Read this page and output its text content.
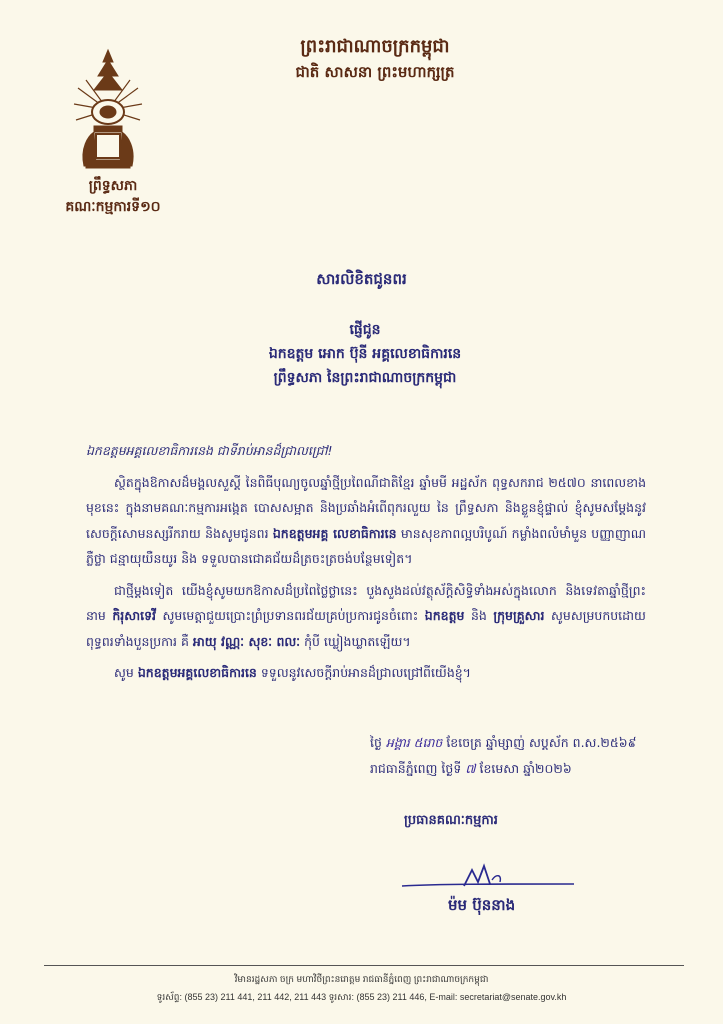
ព្រឹទ្ធសភា
គណៈកម្មការទី១០
ព្រះរាជាណាចក្រកម្ពុជា
ជាតិ សាសនា ព្រះមហាក្សត្រ
សារលិខិតជូនពរ
ផ្ញើជូន
ឯកឧត្តម អោក ប៊ុនី អគ្គលេខាធិការនេ
ព្រឹទ្ធសភា នៃព្រះរាជាណាចក្រកម្ពុជា

ឯកឧត្តមអគ្គលេខាធិការនេង ជាទីរាប់អានដ៏ជ្រាលជ្រៅ!

ស្ថិតក្នុងឱកាសដ៏មង្គលសួស្តី នៃពិធីបុណ្យចូលឆ្នាំថ្មីប្រពៃណីជាតិខ្មែរ ឆ្នាំមមី អដ្ឋស័ក ពុទ្ធសករាជ ២៥៧០ នាពេលខាងមុខនេះ ក្នុងនាមគណៈកម្មការអង្កេត បោសសម្អាត និងប្រឆាំងអំពើពុករលួយ នៃ ព្រឹទ្ធសភា និងខ្លួនខ្ញុំផ្ទាល់ ខ្ញុំសូមសម្តែងនូវសេចក្តីសោមនស្សរីករាយ និងសូមជូនពរ ឯកឧត្តមអគ្គ លេខាធិការនេ មានសុខភាពល្អបរិបូណ៍ កម្លាំងពលំមាំមួន បញ្ញាញាណភ្លឺថ្លា ជន្មាយុយឺនយូរ និង ទទួលបានជោគជ័យដ៏ត្រចះត្រចង់បន្ថែមទៀត។

ជាថ្មីម្តងទៀត យើងខ្ញុំសូមយកឱកាសដ៏ប្រពៃថ្លៃថ្លានេះ បួងសួងដល់វត្ថុស័ក្តិសិទ្ធិទាំងអស់ក្នុងលោក និងទេវតាឆ្នាំថ្មីព្រះនាម កិរុសាទេវី សូមមេត្តាជួយប្រោះព្រំប្រទានពរជ័យគ្រប់ប្រការជូនចំពោះ ឯកឧត្តម និង ក្រុមគ្រួសារ សូមសម្របកបដោយពុទ្ធពរទាំងបួនប្រការ គឺ អាយុ វណ្ណៈ សុខៈ ពលៈ កុំបី ឃ្លៀងឃ្លាតឡើយ។

សូម ឯកឧត្តមអគ្គលេខាធិការនេ ទទួលនូវសេចក្តីរាប់អានដ៏ជ្រាលជ្រៅពីយើងខ្ញុំ។

ថ្ងៃ អង្គារ ៥រោច ខែចេត្រ ឆ្នាំម្សាញ់ សប្តស័ក ព.ស.២៥៦៩
រាជធានីភ្នំពេញ ថ្ងៃទី ៧ ខែមេសា ឆ្នាំ២០២៦
ប្រធានគណៈកម្មការ
ម៉ម ប៊ុននាង
វិមានរដ្ឋសភា ចក្រ មហាវិថីព្រះនរោត្តម រាជធានីភ្នំពេញ ព្រះរាជាណាចក្រកម្ពុជា
ទូរស័ព្ទ: (855 23) 211 441, 211 442, 211 443 ទូរសារ: (855 23) 211 446, E-mail: secretariat@senate.gov.kh
